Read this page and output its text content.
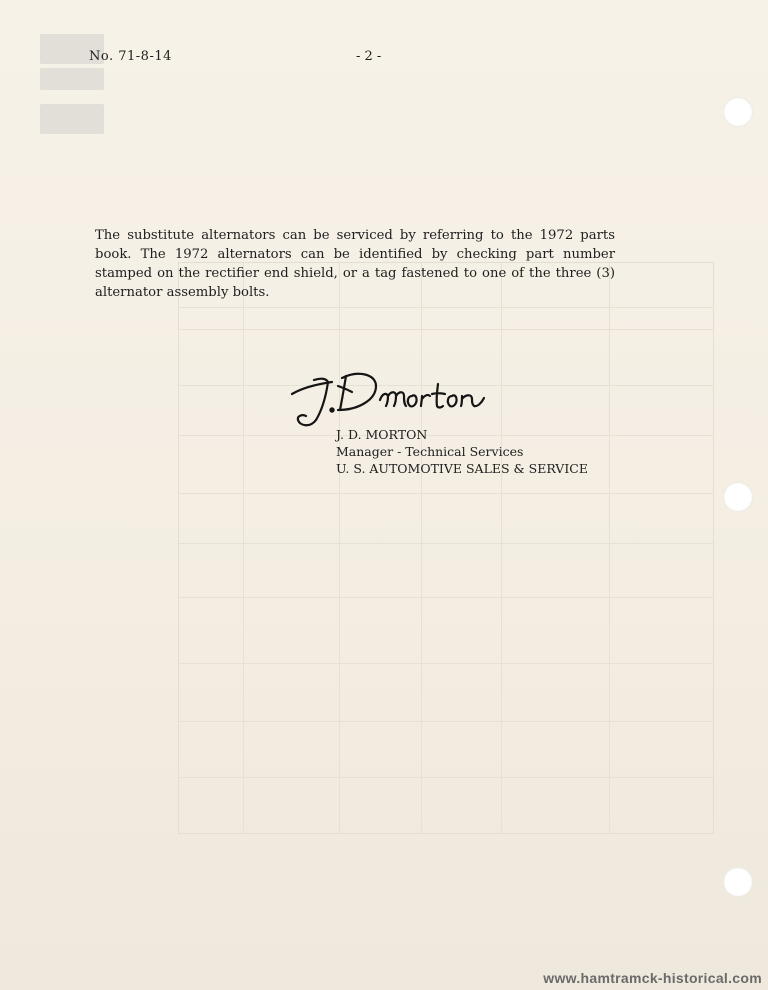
No. 71-8-14	- 2 -
The substitute alternators can be serviced by referring to the 1972 parts book. The 1972 alternators can be identified by checking part number stamped on the rectifier end shield, or a tag fastened to one of the three (3) alternator assembly bolts.
J. D. MORTON
Manager - Technical Services
U. S. AUTOMOTIVE SALES & SERVICE
www.hamtramck-historical.com
